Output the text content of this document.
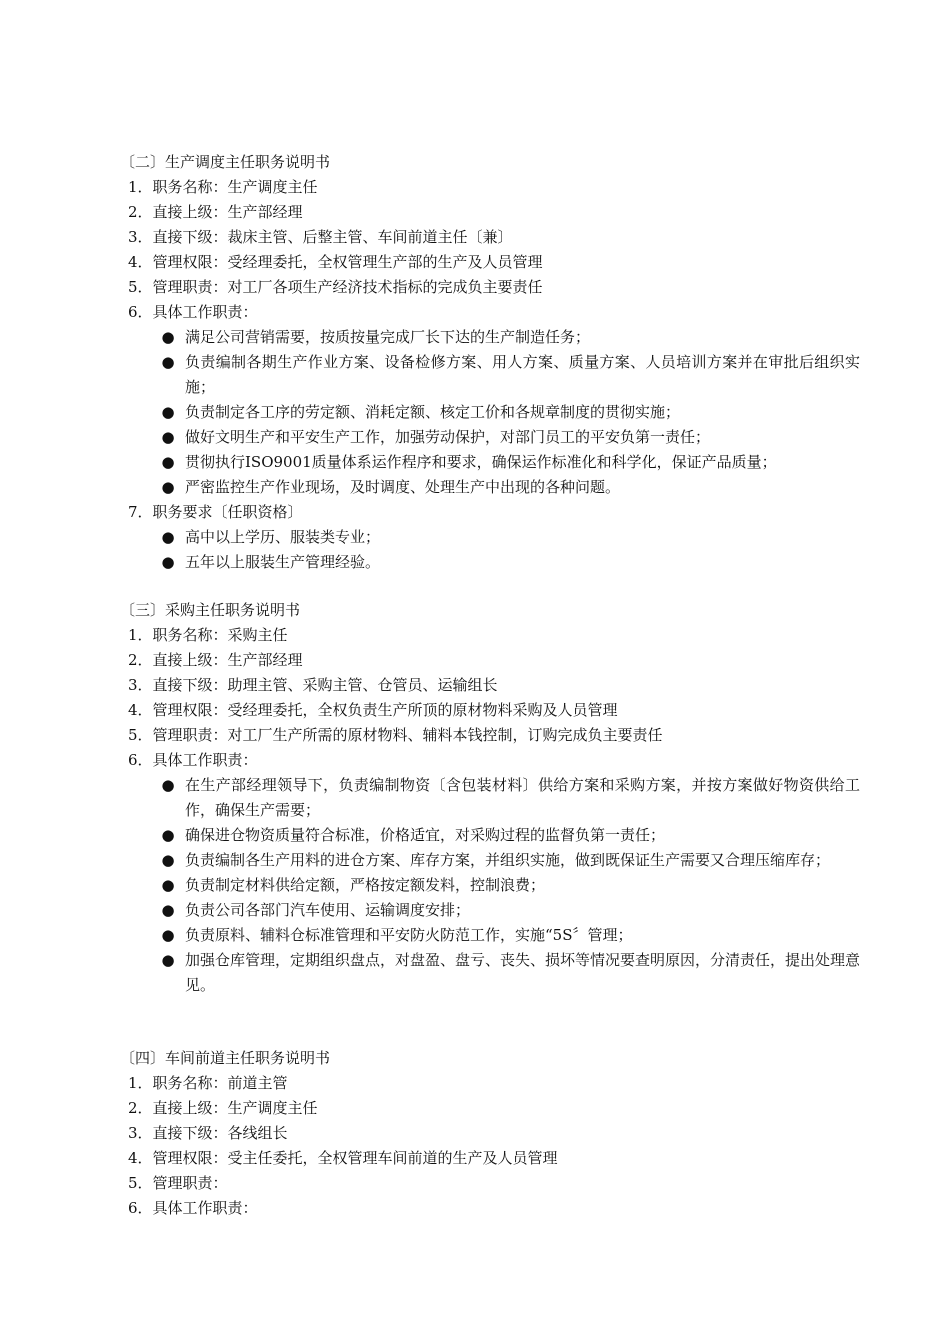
〔二〕生产调度主任职务说明书
1．职务名称：生产调度主任
2．直接上级：生产部经理
3．直接下级：裁床主管、后整主管、车间前道主任〔兼〕
4．管理权限：受经理委托，全权管理生产部的生产及人员管理
5．管理职责：对工厂各项生产经济技术指标的完成负主要责任
6．具体工作职责：
● 满足公司营销需要，按质按量完成厂长下达的生产制造任务；
● 负责编制各期生产作业方案、设备检修方案、用人方案、质量方案、人员培训方案并在审批后组织实施；
● 负责制定各工序的劳定额、消耗定额、核定工价和各规章制度的贯彻实施；
● 做好文明生产和平安生产工作，加强劳动保护，对部门员工的平安负第一责任；
● 贯彻执行ISO9001质量体系运作程序和要求，确保运作标准化和科学化，保证产品质量；
● 严密监控生产作业现场，及时调度、处理生产中出现的各种问题。
7．职务要求〔任职资格〕
● 高中以上学历、服装类专业；
● 五年以上服装生产管理经验。
〔三〕采购主任职务说明书
1．职务名称：采购主任
2．直接上级：生产部经理
3．直接下级：助理主管、采购主管、仓管员、运输组长
4．管理权限：受经理委托，全权负责生产所顶的原材物料采购及人员管理
5．管理职责：对工厂生产所需的原材物料、辅料本钱控制，订购完成负主要责任
6．具体工作职责：
● 在生产部经理领导下，负责编制物资〔含包装材料〕供给方案和采购方案，并按方案做好物资供给工作，确保生产需要；
● 确保进仓物资质量符合标准，价格适宜，对采购过程的监督负第一责任；
● 负责编制各生产用料的进仓方案、库存方案，并组织实施，做到既保证生产需要又合理压缩库存；
● 负责制定材料供给定额，严格按定额发料，控制浪费；
● 负责公司各部门汽车使用、运输调度安排；
● 负责原料、辅料仓标准管理和平安防火防范工作，实施“5S〞管理；
● 加强仓库管理，定期组织盘点，对盘盈、盘亏、丧失、损坏等情况要查明原因，分清责任，提出处理意见。
〔四〕车间前道主任职务说明书
1．职务名称：前道主管
2．直接上级：生产调度主任
3．直接下级：各线组长
4．管理权限：受主任委托，全权管理车间前道的生产及人员管理
5．管理职责：
6．具体工作职责：
